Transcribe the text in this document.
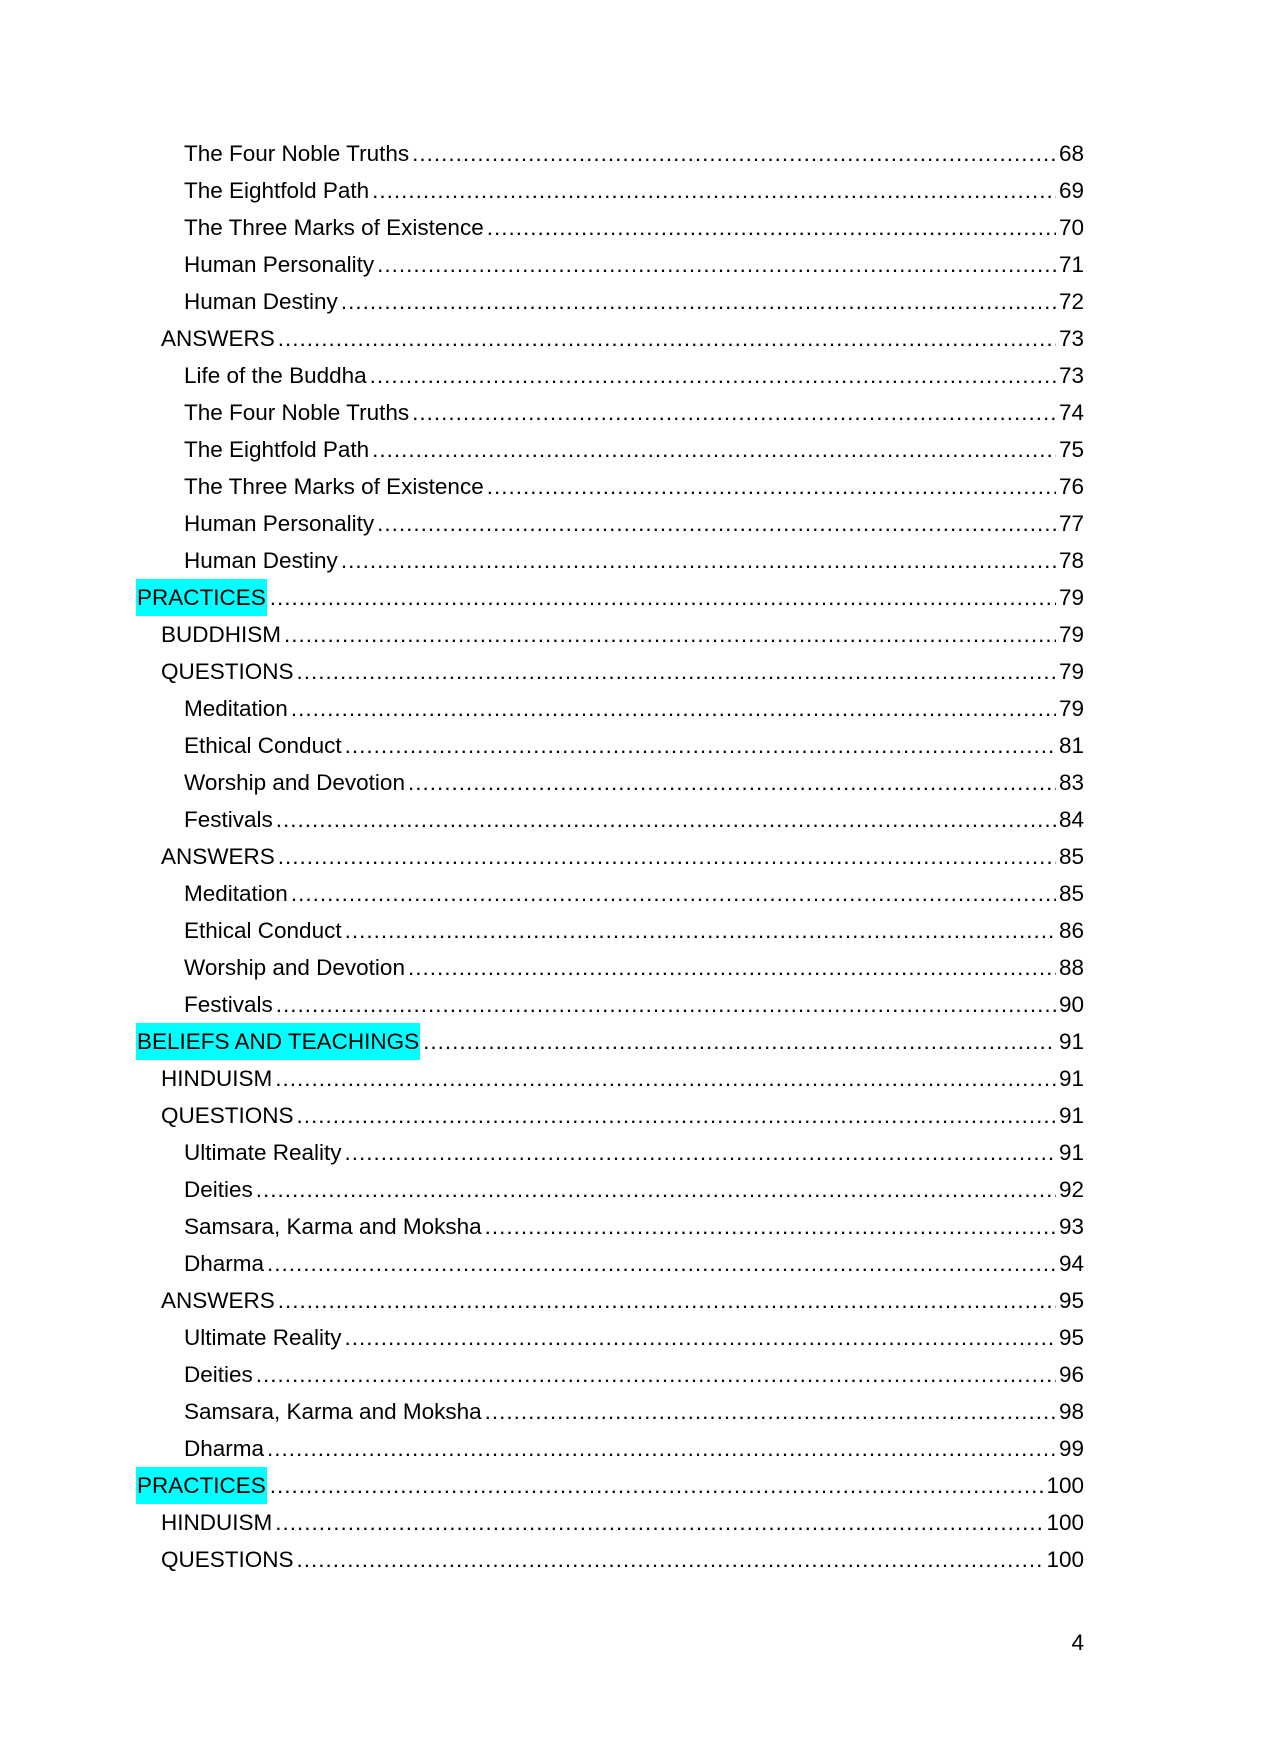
The Four Noble Truths .....	68
The Eightfold Path .....	69
The Three Marks of Existence .....	70
Human Personality .....	71
Human Destiny .....	72
ANSWERS .....	73
Life of the Buddha .....	73
The Four Noble Truths .....	74
The Eightfold Path .....	75
The Three Marks of Existence .....	76
Human Personality .....	77
Human Destiny .....	78
PRACTICES .....	79
BUDDHISM .....	79
QUESTIONS .....	79
Meditation .....	79
Ethical Conduct .....	81
Worship and Devotion .....	83
Festivals .....	84
ANSWERS .....	85
Meditation .....	85
Ethical Conduct .....	86
Worship and Devotion .....	88
Festivals .....	90
BELIEFS AND TEACHINGS .....	91
HINDUISM .....	91
QUESTIONS .....	91
Ultimate Reality .....	91
Deities .....	92
Samsara, Karma and Moksha .....	93
Dharma .....	94
ANSWERS .....	95
Ultimate Reality .....	95
Deities .....	96
Samsara, Karma and Moksha .....	98
Dharma .....	99
PRACTICES .....	100
HINDUISM .....	100
QUESTIONS .....	100
4
